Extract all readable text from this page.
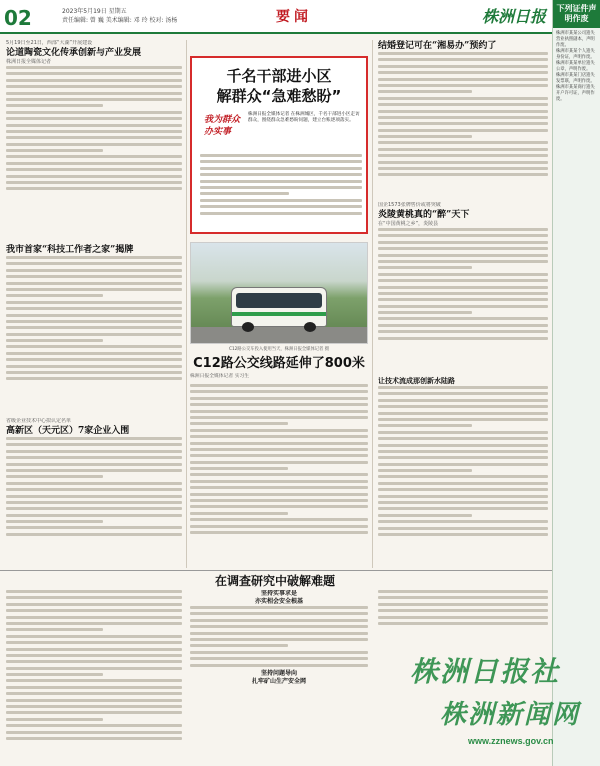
02	2023年5月19日 星期五
责任编辑: 曾 巍 美术编辑: 邓 玲 校对: 汤杨	要闻	株洲日报	下列证件声明作废

株洲市某某公司遗失营业执照副本，声明作废。

株洲市某某个人遗失身份证，声明作废。

株洲市某某单位遗失公章，声明作废。

株洲市某某门店遗失发票联，声明作废。

株洲市某某商行遗失开户许可证，声明作废。

5月19日至21日，西部“大湖”开展建设
论道陶瓷文化传承创新与产业发展
株洲日报全媒体记者
我市首家“科技工作者之家”揭牌
省级企业技术中心拟认定名单
高新区（天元区）7家企业入围
千名干部进小区
解群众“急难愁盼”
我为群众办实事
株洲日报全媒体记者 在株洲城区，千名干部进小区走访群众，围绕群众急难愁盼问题，建立台账逐项落实。
C12路公交车投入使用当天，株洲日报全媒体记者 摄
C12路公交线路延伸了800米
株洲日报全媒体记者 实习生
结婚登记可在“湘易办”预约了
国企1573张牌售价或将突破
炎陵黄桃真的“醉”天下
在“中国黄桃之乡”，炎陵县
让技术流成那创新水陆路
在调查研究中破解难题
坚持实事求是
亦实相会安全根基
坚持问题导向
扎牢矿山生产安全网	株洲日报社
株洲新闻网
www.zznews.gov.cn
